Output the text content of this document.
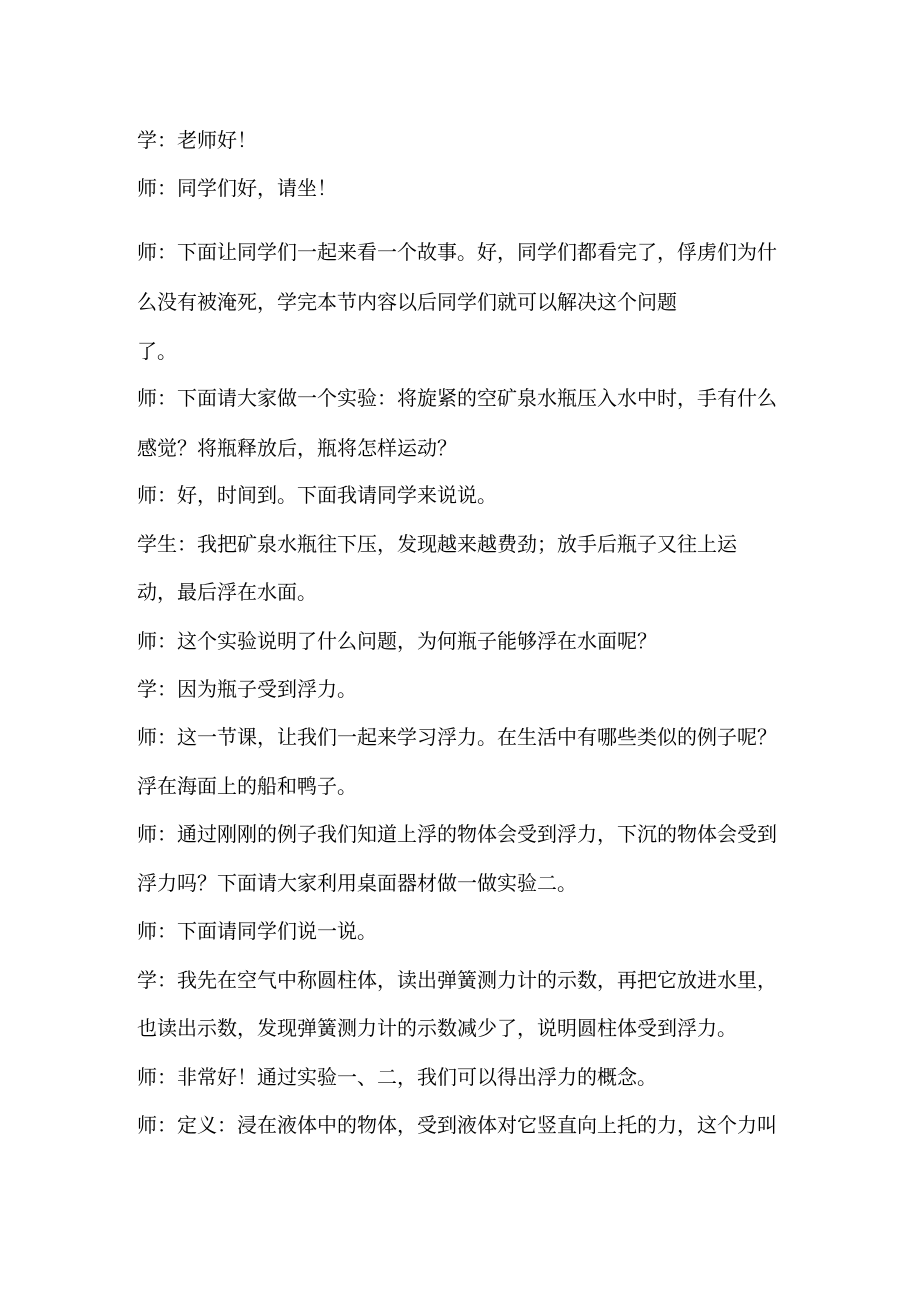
学：老师好！
师：同学们好，请坐！
师：下面让同学们一起来看一个故事。好，同学们都看完了，俘虏们为什
么没有被淹死，学完本节内容以后同学们就可以解决这个问题
了。
师：下面请大家做一个实验：将旋紧的空矿泉水瓶压入水中时，手有什么
感觉？将瓶释放后，瓶将怎样运动？
师：好，时间到。下面我请同学来说说。
学生：我把矿泉水瓶往下压，发现越来越费劲；放手后瓶子又往上运
动，最后浮在水面。
师：这个实验说明了什么问题，为何瓶子能够浮在水面呢？
学：因为瓶子受到浮力。
师：这一节课，让我们一起来学习浮力。在生活中有哪些类似的例子呢？
浮在海面上的船和鸭子。
师：通过刚刚的例子我们知道上浮的物体会受到浮力，下沉的物体会受到
浮力吗？下面请大家利用桌面器材做一做实验二。
师：下面请同学们说一说。
学：我先在空气中称圆柱体，读出弹簧测力计的示数，再把它放进水里，
也读出示数，发现弹簧测力计的示数减少了，说明圆柱体受到浮力。
师：非常好！通过实验一、二，我们可以得出浮力的概念。
师：定义：浸在液体中的物体，受到液体对它竖直向上托的力，这个力叫
